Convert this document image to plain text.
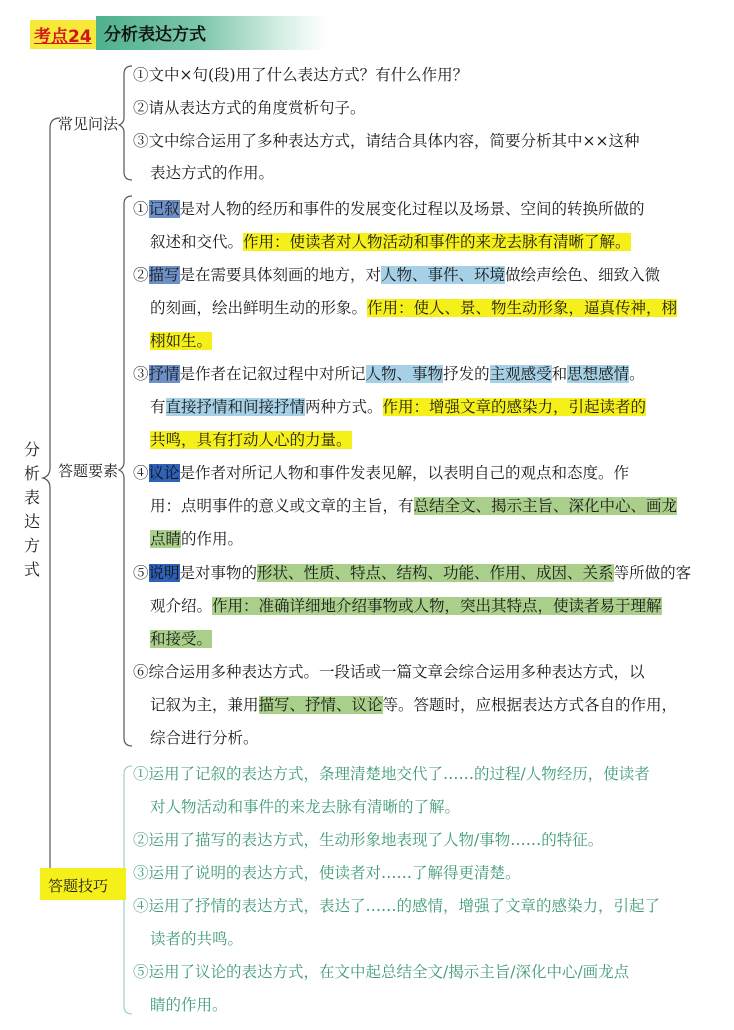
考点24 分析表达方式
分
析
表
达
方
式
常见问法
答题要素
答题技巧
①文中×句(段)用了什么表达方式？有什么作用？
②请从表达方式的角度赏析句子。
③文中综合运用了多种表达方式，请结合具体内容，简要分析其中××这种
表达方式的作用。
①记叙是对人物的经历和事件的发展变化过程以及场景、空间的转换所做的
叙述和交代。作用：使读者对人物活动和事件的来龙去脉有清晰了解。
②描写是在需要具体刻画的地方，对人物、事件、环境做绘声绘色、细致入微
的刻画，绘出鲜明生动的形象。作用：使人、景、物生动形象，逼真传神，栩
栩如生。
③抒情是作者在记叙过程中对所记人物、事物抒发的主观感受和思想感情。
有直接抒情和间接抒情两种方式。作用：增强文章的感染力，引起读者的
共鸣，具有打动人心的力量。
④议论是作者对所记人物和事件发表见解，以表明自己的观点和态度。作
用：点明事件的意义或文章的主旨，有总结全文、揭示主旨、深化中心、画龙
点睛的作用。
⑤说明是对事物的形状、性质、特点、结构、功能、作用、成因、关系等所做的客
观介绍。作用：准确详细地介绍事物或人物，突出其特点，使读者易于理解
和接受。
⑥综合运用多种表达方式。一段话或一篇文章会综合运用多种表达方式，以
记叙为主，兼用描写、抒情、议论等。答题时，应根据表达方式各自的作用，
综合进行分析。
①运用了记叙的表达方式，条理清楚地交代了……的过程/人物经历，使读者
对人物活动和事件的来龙去脉有清晰的了解。
②运用了描写的表达方式，生动形象地表现了人物/事物……的特征。
③运用了说明的表达方式，使读者对……了解得更清楚。
④运用了抒情的表达方式，表达了……的感情，增强了文章的感染力，引起了
读者的共鸣。
⑤运用了议论的表达方式，在文中起总结全文/揭示主旨/深化中心/画龙点
睛的作用。
